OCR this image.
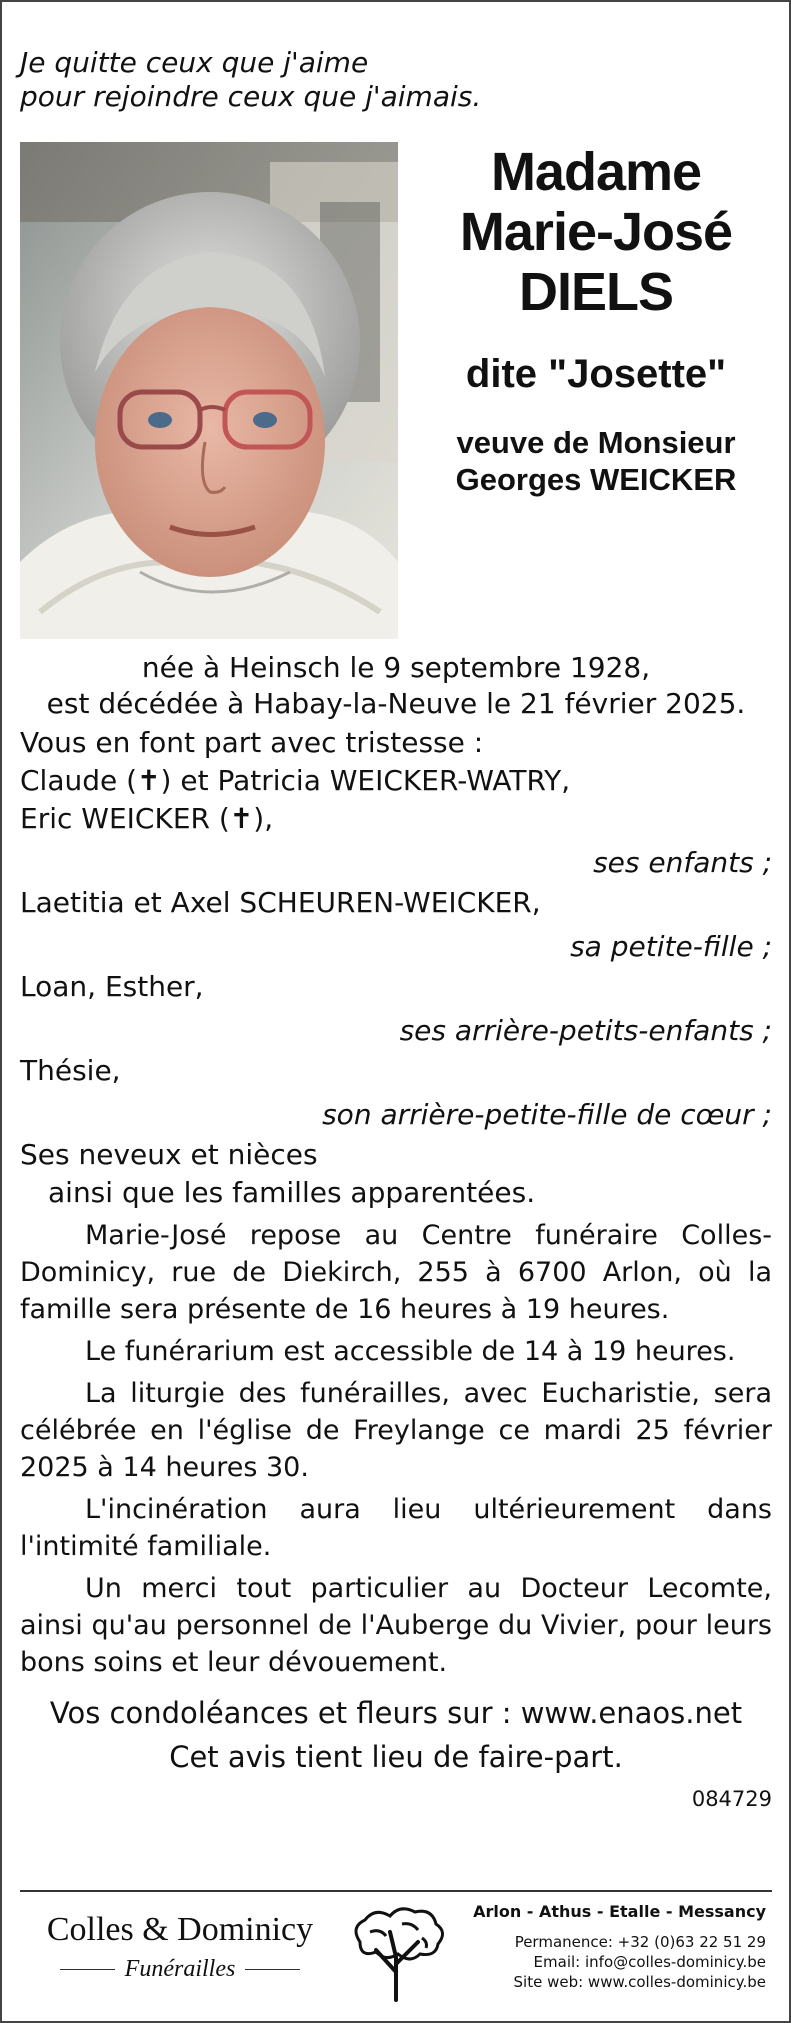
Je quitte ceux que j'aime
pour rejoindre ceux que j'aimais.
Madame
Marie-José
DIELS
dite "Josette"
veuve de Monsieur
Georges WEICKER
née à Heinsch le 9 septembre 1928,
est décédée à Habay-la-Neuve le 21 février 2025.
Vous en font part avec tristesse :
Claude (✝) et Patricia WEICKER-WATRY,
Eric WEICKER (✝),
ses enfants ;
Laetitia et Axel SCHEUREN-WEICKER,
sa petite-fille ;
Loan, Esther,
ses arrière-petits-enfants ;
Thésie,
son arrière-petite-fille de cœur ;
Ses neveux et nièces
ainsi que les familles apparentées.
Marie-José repose au Centre funéraire Colles-Dominicy, rue de Diekirch, 255 à 6700 Arlon, où la famille sera présente de 16 heures à 19 heures.
Le funérarium est accessible de 14 à 19 heures.
La liturgie des funérailles, avec Eucharistie, sera célébrée en l'église de Freylange ce mardi 25 février 2025 à 14 heures 30.
L'incinération aura lieu ultérieurement dans l'intimité familiale.
Un merci tout particulier au Docteur Lecomte, ainsi qu'au personnel de l'Auberge du Vivier, pour leurs bons soins et leur dévouement.
Vos condoléances et fleurs sur : www.enaos.net
Cet avis tient lieu de faire-part.
084729
Colles & Dominicy
Funérailles
Arlon - Athus - Etalle - Messancy
Permanence: +32 (0)63 22 51 29
Email: info@colles-dominicy.be
Site web: www.colles-dominicy.be
